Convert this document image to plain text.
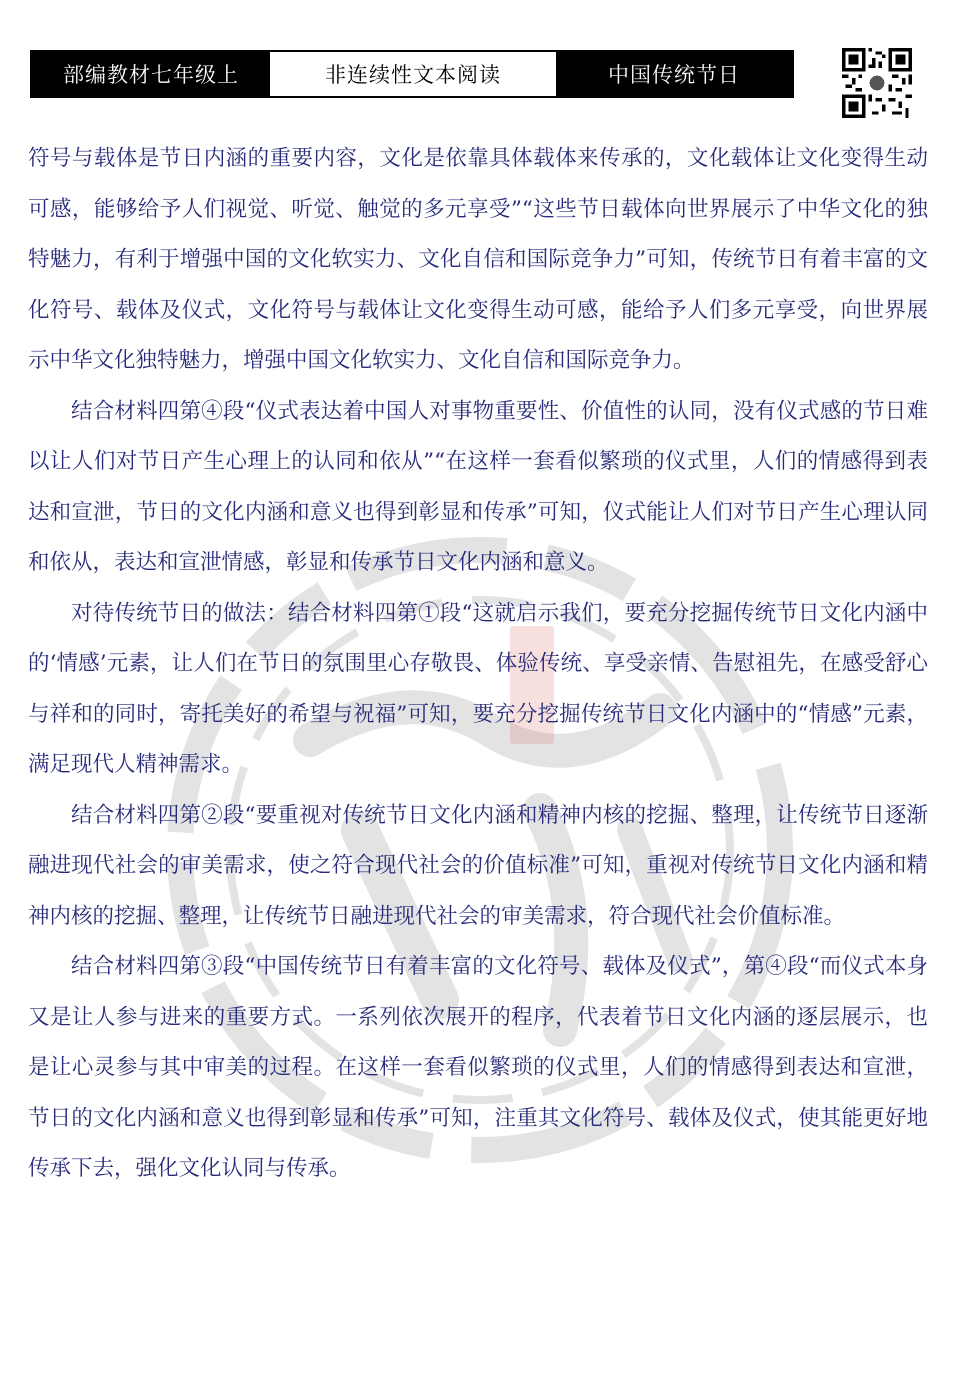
部编教材七年级上	非连续性文本阅读	中国传统节日

符号与载体是节日内涵的重要内容，文化是依靠具体载体来传承的，文化载体让文化变得生动可感，能够给予人们视觉、听觉、触觉的多元享受”“这些节日载体向世界展示了中华文化的独特魅力，有利于增强中国的文化软实力、文化自信和国际竞争力”可知，传统节日有着丰富的文化符号、载体及仪式，文化符号与载体让文化变得生动可感，能给予人们多元享受，向世界展示中华文化独特魅力，增强中国文化软实力、文化自信和国际竞争力。

结合材料四第④段“仪式表达着中国人对事物重要性、价值性的认同，没有仪式感的节日难以让人们对节日产生心理上的认同和依从”“在这样一套看似繁琐的仪式里，人们的情感得到表达和宣泄，节日的文化内涵和意义也得到彰显和传承”可知，仪式能让人们对节日产生心理认同和依从，表达和宣泄情感，彰显和传承节日文化内涵和意义。

对待传统节日的做法：结合材料四第①段“这就启示我们，要充分挖掘传统节日文化内涵中的‘情感’元素，让人们在节日的氛围里心存敬畏、体验传统、享受亲情、告慰祖先，在感受舒心与祥和的同时，寄托美好的希望与祝福”可知，要充分挖掘传统节日文化内涵中的“情感”元素，满足现代人精神需求。

结合材料四第②段“要重视对传统节日文化内涵和精神内核的挖掘、整理，让传统节日逐渐融进现代社会的审美需求，使之符合现代社会的价值标准”可知，重视对传统节日文化内涵和精神内核的挖掘、整理，让传统节日融进现代社会的审美需求，符合现代社会价值标准。

结合材料四第③段“中国传统节日有着丰富的文化符号、载体及仪式”，第④段“而仪式本身又是让人参与进来的重要方式。一系列依次展开的程序，代表着节日文化内涵的逐层展示，也是让心灵参与其中审美的过程。在这样一套看似繁琐的仪式里，人们的情感得到表达和宣泄，节日的文化内涵和意义也得到彰显和传承”可知，注重其文化符号、载体及仪式，使其能更好地传承下去，强化文化认同与传承。
